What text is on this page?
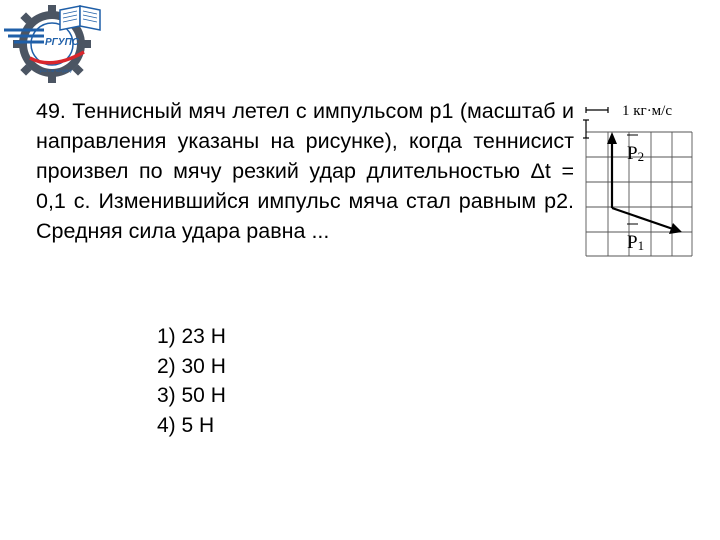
РГУПС
ростов-на-дону

49. Теннисный мяч летел с импульсом p1 (масштаб и направления указаны на рисунке), когда теннисист произвел по мячу резкий удар длительностью Δt = 0,1 с. Изменившийся импульс мяча стал равным p2. Средняя сила удара равна ...

1 кг·м/с
P2
P1
1) 23 Н
2) 30 Н
3) 50 Н
4) 5 Н
